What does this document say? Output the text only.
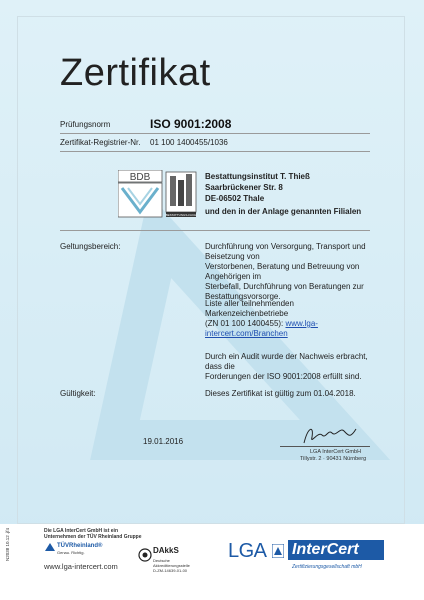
Zertifikat
Prüfungsnorm	ISO 9001:2008
Zertifikat-Registrier-Nr. 01 100 1400455/1036
BDB
BESTATTUNGS-FACH
Bestattungsinstitut T. Thieß
Saarbrückener Str. 8
DE-06502 Thale
und den in der Anlage genannten Filialen
Geltungsbereich:	Durchführung von Versorgung, Transport und Beisetzung von
Verstorbenen, Beratung und Betreuung von Angehörigen im
Sterbefall, Durchführung von Beratungen zur
Bestattungsvorsorge.
Liste aller teilnehmenden Markenzeichenbetriebe
(ZN 01 100 1400455): www.lga-intercert.com/Branchen
Durch ein Audit wurde der Nachweis erbracht, dass die
Forderungen der ISO 9001:2008 erfüllt sind.
Gültigkeit:	Dieses Zertifikat ist gültig zum 01.04.2018.
19.01.2016
LGA InterCert GmbH
Tillystr. 2 · 90431 Nürnberg
Die LGA InterCert GmbH ist ein
Unternehmen der TÜV Rheinland Gruppe
TÜVRheinland®
Genau. Richtig.
www.lga-intercert.com
DAkkS
Deutsche
Akkreditierungsstelle
D-ZM-14639-01-00
LGA InterCert
Zertifizierungsgesellschaft mbH
N2038 10.12 .jf4
